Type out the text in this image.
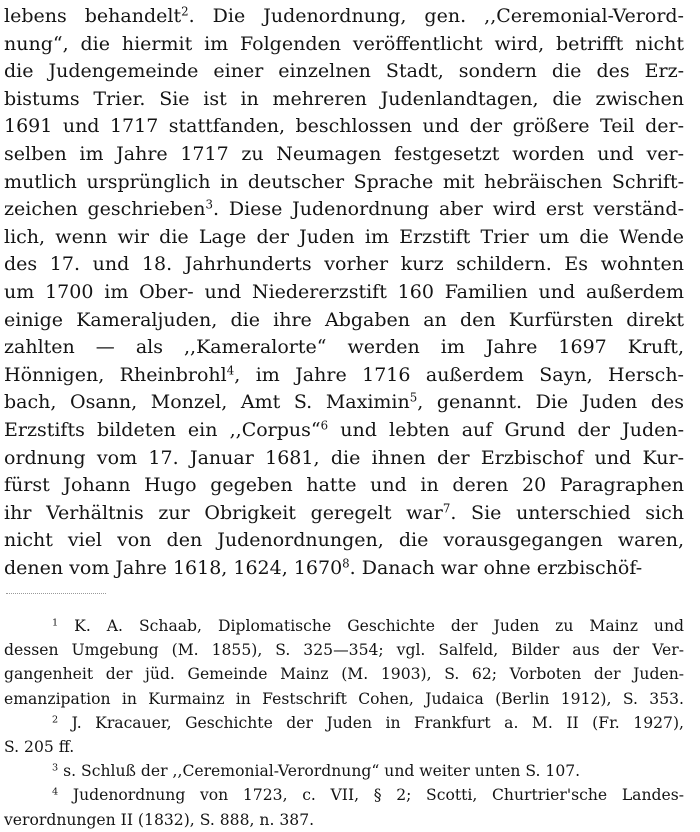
lebens behandelt$^2$. Die Judenordnung, gen. ,,Ceremonial-Verord-
nung“, die hiermit im Folgenden veröffentlicht wird, betrifft nicht
die Judengemeinde einer einzelnen Stadt, sondern die des Erz-
bistums Trier. Sie ist in mehreren Judenlandtagen, die zwischen
1691 und 1717 stattfanden, beschlossen und der größere Teil der-
selben im Jahre 1717 zu Neumagen festgesetzt worden und ver-
mutlich ursprünglich in deutscher Sprache mit hebräischen Schrift-
zeichen geschrieben$^3$. Diese Judenordnung aber wird erst verständ-
lich, wenn wir die Lage der Juden im Erzstift Trier um die Wende
des 17. und 18. Jahrhunderts vorher kurz schildern. Es wohnten
um 1700 im Ober- und Niedererzstift 160 Familien und außerdem
einige Kameraljuden, die ihre Abgaben an den Kurfürsten direkt
zahlten — als ,,Kameralorte“ werden im Jahre 1697 Kruft,
Hönnigen, Rheinbrohl$^4$, im Jahre 1716 außerdem Sayn, Hersch-
bach, Osann, Monzel, Amt S. Maximin$^5$, genannt. Die Juden des
Erzstifts bildeten ein ,,Corpus“$^6$ und lebten auf Grund der Juden-
ordnung vom 17. Januar 1681, die ihnen der Erzbischof und Kur-
fürst Johann Hugo gegeben hatte und in deren 20 Paragraphen
ihr Verhältnis zur Obrigkeit geregelt war$^7$. Sie unterschied sich
nicht viel von den Judenordnungen, die vorausgegangen waren,
denen vom Jahre 1618, 1624, 1670$^8$. Danach war ohne erzbischöf-
$^1$ K. A. Schaab, Diplomatische Geschichte der Juden zu Mainz und
dessen Umgebung (M. 1855), S. 325—354; vgl. Salfeld, Bilder aus der Ver-
gangenheit der jüd. Gemeinde Mainz (M. 1903), S. 62; Vorboten der Juden-
emanzipation in Kurmainz in Festschrift Cohen, Judaica (Berlin 1912), S. 353.
$^2$ J. Kracauer, Geschichte der Juden in Frankfurt a. M. II (Fr. 1927),
S. 205 ff.
$^3$ s. Schluß der ,,Ceremonial-Verordnung“ und weiter unten S. 107.
$^4$ Judenordnung von 1723, c. VII, § 2; Scotti, Churtrier'sche Landes-
verordnungen II (1832), S. 888, n. 387.
